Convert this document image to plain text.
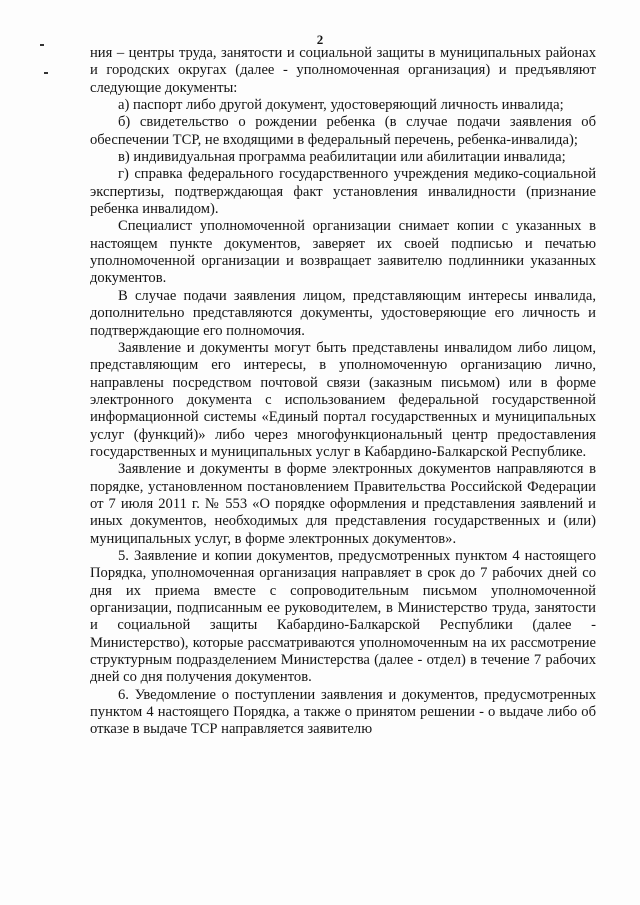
2

ния – центры труда, занятости и социальной защиты в муниципальных районах и городских округах (далее - уполномоченная организация) и предъявляют следующие документы:

а) паспорт либо другой документ, удостоверяющий личность инвалида;

б) свидетельство о рождении ребенка (в случае подачи заявления об обеспечении ТСР, не входящими в федеральный перечень, ребенка-инвалида);

в) индивидуальная программа реабилитации или абилитации инвалида;

г) справка федерального государственного учреждения медико-социальной экспертизы, подтверждающая факт установления инвалидности (признание ребенка инвалидом).

Специалист уполномоченной организации снимает копии с указанных в настоящем пункте документов, заверяет их своей подписью и печатью уполномоченной организации и возвращает заявителю подлинники указанных документов.

В случае подачи заявления лицом, представляющим интересы инвалида, дополнительно представляются документы, удостоверяющие его личность и подтверждающие его полномочия.

Заявление и документы могут быть представлены инвалидом либо лицом, представляющим его интересы, в уполномоченную организацию лично, направлены посредством почтовой связи (заказным письмом) или в форме электронного документа с использованием федеральной государственной информационной системы «Единый портал государственных и муниципальных услуг (функций)» либо через многофункциональный центр предоставления государственных и муниципальных услуг в Кабардино-Балкарской Республике.

Заявление и документы в форме электронных документов направляются в порядке, установленном постановлением Правительства Российской Федерации от 7 июля 2011 г. № 553 «О порядке оформления и представления заявлений и иных документов, необходимых для представления государственных и (или) муниципальных услуг, в форме электронных документов».

5. Заявление и копии документов, предусмотренных пунктом 4 настоящего Порядка, уполномоченная организация направляет в срок до 7 рабочих дней со дня их приема вместе с сопроводительным письмом уполномоченной организации, подписанным ее руководителем, в Министерство труда, занятости и социальной защиты Кабардино-Балкарской Республики (далее - Министерство), которые рассматриваются уполномоченным на их рассмотрение структурным подразделением Министерства (далее - отдел) в течение 7 рабочих дней со дня получения документов.

6. Уведомление о поступлении заявления и документов, предусмотренных пунктом 4 настоящего Порядка, а также о принятом решении - о выдаче либо об отказе в выдаче ТСР направляется заявителю
